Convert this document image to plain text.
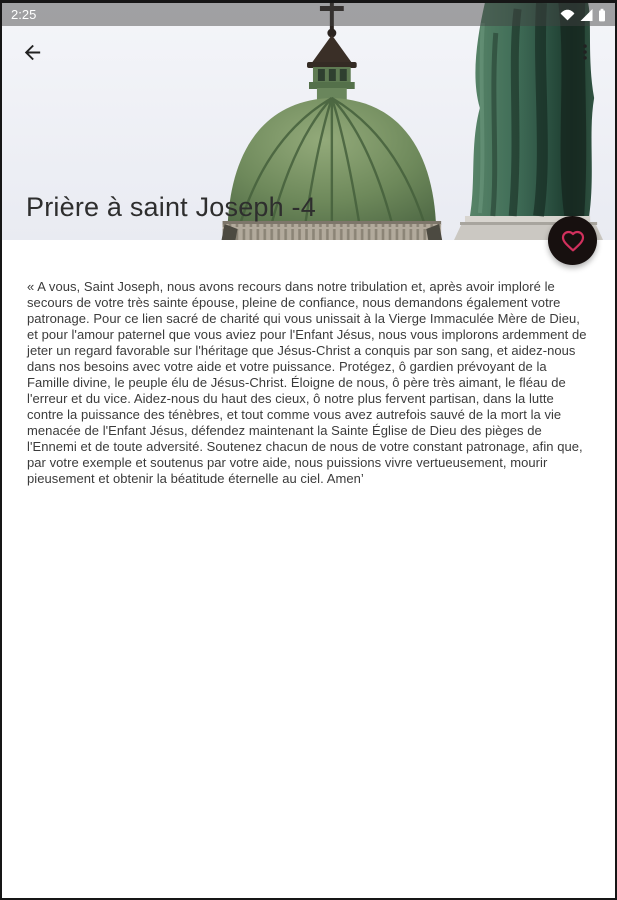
Prière à saint Joseph -4
2:25

« A vous, Saint Joseph, nous avons recours dans notre tribulation et, après avoir imploré le secours de votre très sainte épouse, pleine de confiance, nous demandons également votre patronage. Pour ce lien sacré de charité qui vous unissait à la Vierge Immaculée Mère de Dieu, et pour l'amour paternel que vous aviez pour l'Enfant Jésus, nous vous implorons ardemment de jeter un regard favorable sur l'héritage que Jésus-Christ a conquis par son sang, et aidez-nous dans nos besoins avec votre aide et votre puissance. Protégez, ô gardien prévoyant de la Famille divine, le peuple élu de Jésus-Christ. Éloigne de nous, ô père très aimant, le fléau de l'erreur et du vice. Aidez-nous du haut des cieux, ô notre plus fervent partisan, dans la lutte contre la puissance des ténèbres, et tout comme vous avez autrefois sauvé de la mort la vie menacée de l'Enfant Jésus, défendez maintenant la Sainte Église de Dieu des pièges de l'Ennemi et de toute adversité. Soutenez chacun de nous de votre constant patronage, afin que, par votre exemple et soutenus par votre aide, nous puissions vivre vertueusement, mourir pieusement et obtenir la béatitude éternelle au ciel. Amen’
